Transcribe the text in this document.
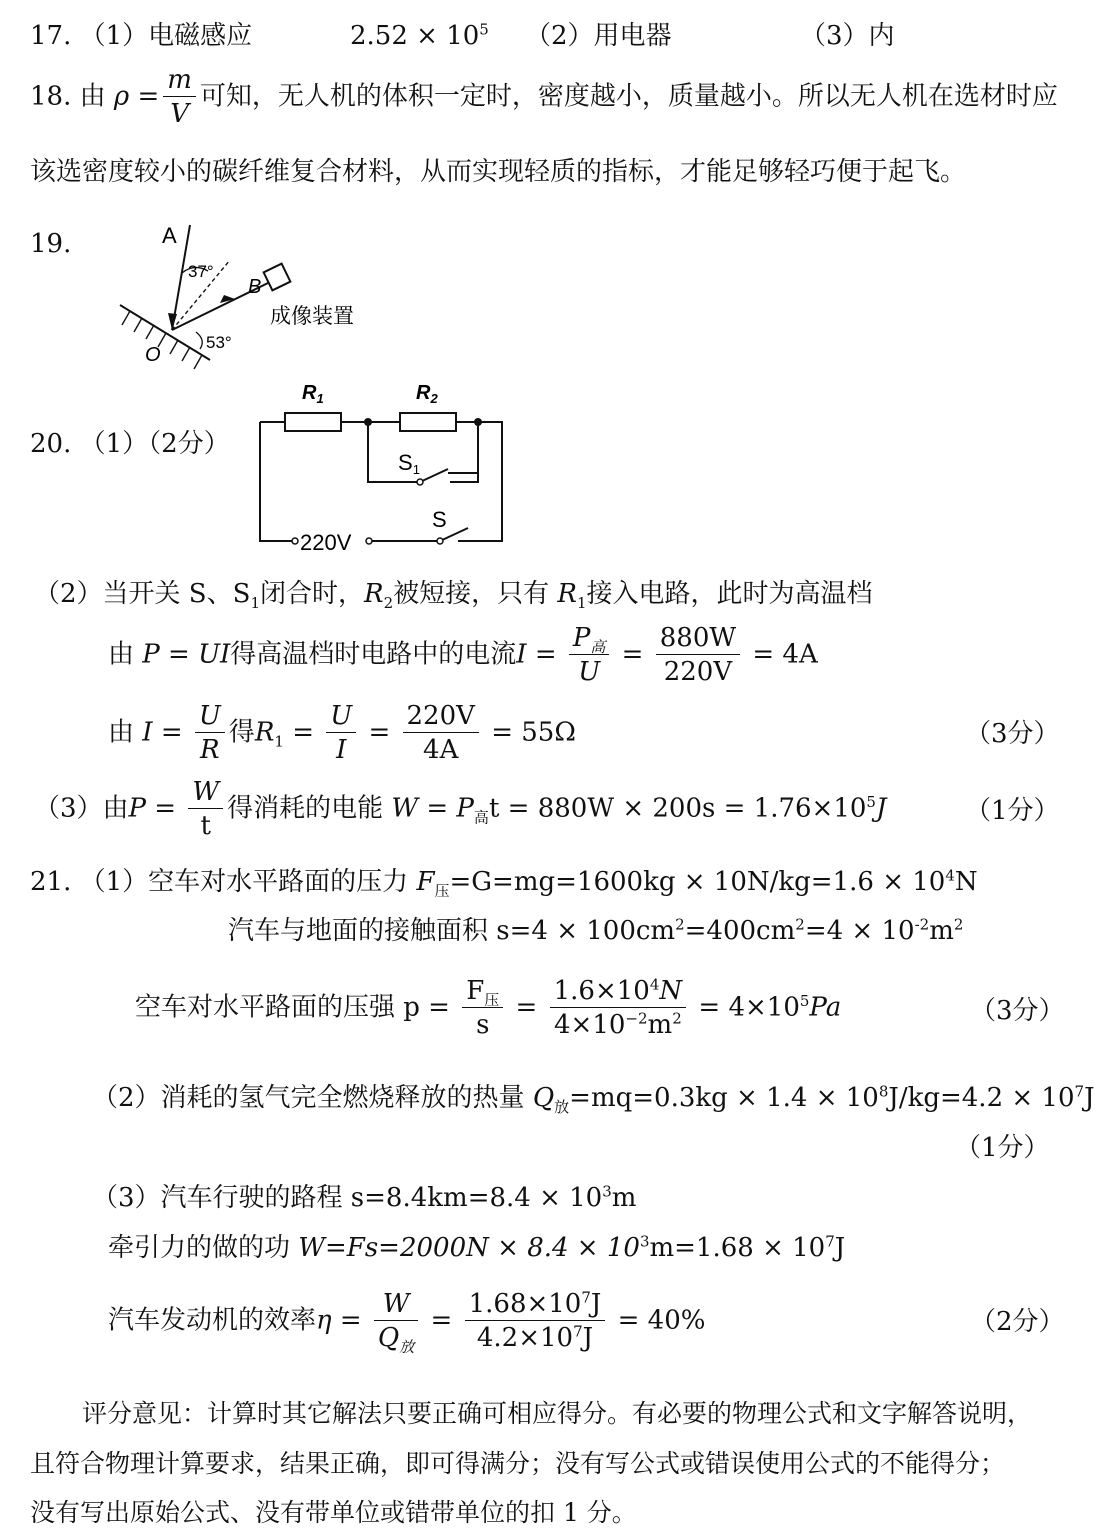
17. （1）电磁感应	$2.52 \times 10^5$ （2）用电器	（3）内
18. 由 $\rho = \frac{m}{V}$ 可知，无人机的体积一定时，密度越小，质量越小。所以无人机在选材时应
该选密度较小的碳纤维复合材料，从而实现轻质的指标，才能足够轻巧便于起飞。
19.	A
B
O
37°
53°
成像装置
20. （1）（2分）
$R_1$	$R_2$
S1
S
220V
（2）当开关 S、$S_1$闭合时，$R_2$被短接，只有 $R_1$接入电路，此时为高温档
由 P = UI得高温档时电路中的电流$I = \frac{P_高}{U} = \frac{880W}{220V} = 4A$
由 $I = \frac{U}{R}$ 得$R_1 = \frac{U}{I} = \frac{220V}{4A} = 55\Omega$	（3分）
（3）由$P = \frac{W}{t}$ 得消耗的电能 $W = P_高t = 880W \times 200s = 1.76\times 10^5J$	（1分）
21. （1）空车对水平路面的压力 $F_压=G=mg=1600kg \times 10N/kg=1.6 \times 10^4N$
汽车与地面的接触面积 $s=4 \times 100cm^2=400cm^2=4 \times 10^{-2}m^2$
空车对水平路面的压强 $p = \frac{F_压}{s} = \frac{1.6\times 10^4N}{4\times 10^{-2}m^2} = 4\times 10^5Pa$	（3分）
（2）消耗的氢气完全燃烧释放的热量 $Q_放=mq=0.3kg \times 1.4 \times 10^8J/kg=4.2 \times 10^7J$
（1分）
（3）汽车行驶的路程 $s=8.4km=8.4 \times 10^3m$
牵引力的做的功 $W=Fs=2000N \times 8.4 \times 10^3m=1.68 \times 10^7J$
汽车发动机的效率$\eta = \frac{W}{Q_放} = \frac{1.68\times 10^7J}{4.2\times 10^7J} = 40\%$	（2分）
评分意见：计算时其它解法只要正确可相应得分。有必要的物理公式和文字解答说明，
且符合物理计算要求，结果正确，即可得满分；没有写公式或错误使用公式的不能得分；
没有写出原始公式、没有带单位或错带单位的扣 1 分。
